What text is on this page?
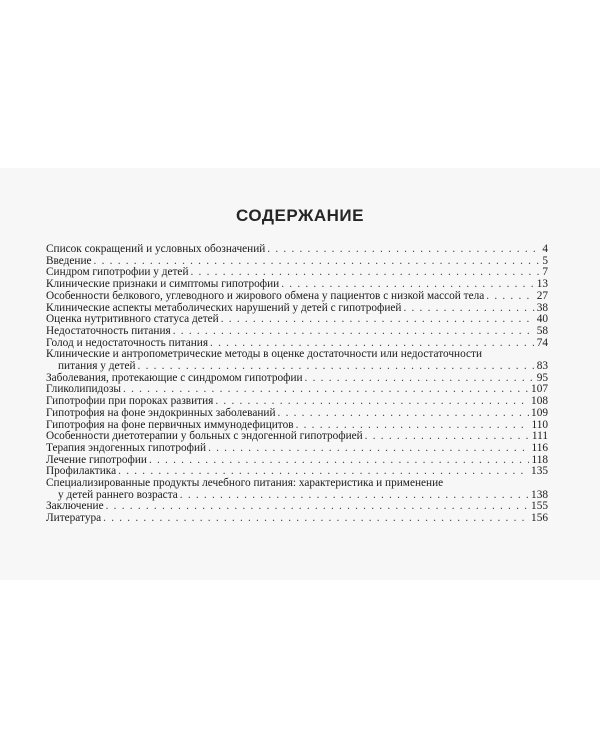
СОДЕРЖАНИЕ
Список сокращений и условных обозначений . . .	4
Введение . . .	5
Синдром гипотрофии у детей . . .	7
Клинические признаки и симптомы гипотрофии . . .	13
Особенности белкового, углеводного и жирового обмена у пациентов с низкой массой тела . . .	27
Клинические аспекты метаболических нарушений у детей с гипотрофией . . .	38
Оценка нутритивного статуса детей . . .	40
Недостаточность питания . . .	58
Голод и недостаточность питания . . .	74
Клинические и антропометрические методы в оценке достаточности или недостаточности
питания у детей . . .	83
Заболевания, протекающие с синдромом гипотрофии . . .	95
Гликолипидозы . . .	107
Гипотрофии при пороках развития . . .	108
Гипотрофия на фоне эндокринных заболеваний . . .	109
Гипотрофия на фоне первичных иммунодефицитов . . .	110
Особенности диетотерапии у больных с эндогенной гипотрофией . . .	111
Терапия эндогенных гипотрофий . . .	116
Лечение гипотрофии . . .	118
Профилактика . . .	135
Специализированные продукты лечебного питания: характеристика и применение
у детей раннего возраста . . .	138
Заключение . . .	155
Литература . . .	156
